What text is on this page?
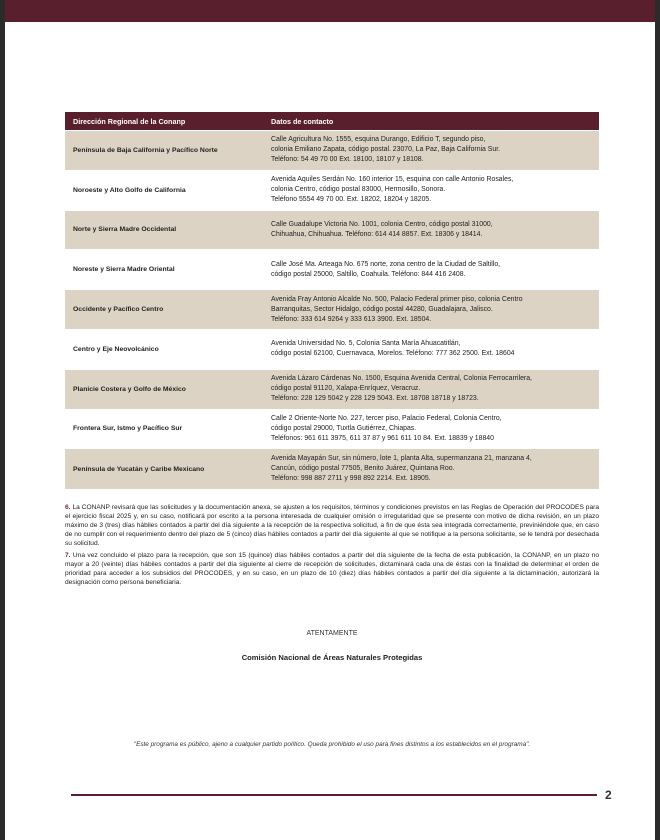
Dirección Regional de la Conanp	Datos de contacto
Península de Baja California y Pacífico Norte	Calle Agricultura No. 1555, esquina Durango, Edificio T, segundo piso,
colonia Emiliano Zapata, código postal. 23070, La Paz, Baja California Sur.
Teléfono: 54 49 70 00 Ext. 18100, 18107 y 18108.

Noroeste y Alto Golfo de California	Avenida Aquiles Serdán No. 160 interior 15, esquina con calle Antonio Rosales,
colonia Centro, código postal 83000, Hermosillo, Sonora.
Teléfono 5554 49 70 00. Ext. 18202, 18204 y 18205.

Norte y Sierra Madre Occidental	Calle Guadalupe Victoria No. 1001, colonia Centro, código postal 31000,
Chihuahua, Chihuahua. Teléfono: 614 414 8857. Ext. 18306 y 18414.

Noreste y Sierra Madre Oriental	Calle José Ma. Arteaga No. 675 norte, zona centro de la Ciudad de Saltillo,
código postal 25000, Saltillo, Coahuila. Teléfono: 844 416 2408.

Occidente y Pacífico Centro	Avenida Fray Antonio Alcalde No. 500, Palacio Federal primer piso, colonia Centro
Barranquitas, Sector Hidalgo, código postal 44280, Guadalajara, Jalisco.
Teléfono: 333 614 9264 y 333 613 3900. Ext. 18504.

Centro y Eje Neovolcánico	Avenida Universidad No. 5, Colonia Santa María Ahuacatitlán,
código postal 62100, Cuernavaca, Morelos. Teléfono: 777 362 2500. Ext. 18604

Planicie Costera y Golfo de México	Avenida Lázaro Cárdenas No. 1500, Esquina Avenida Central, Colonia Ferrocarrilera,
código postal 91120, Xalapa-Enríquez, Veracruz.
Teléfono: 228 129 5042 y 228 129 5043. Ext. 18708 18718 y 18723.

Frontera Sur, Istmo y Pacífico Sur	Calle 2 Oriente-Norte No. 227, tercer piso, Palacio Federal, Colonia Centro,
código postal 29000, Tuxtla Gutiérrez, Chiapas.
Teléfonos: 961 611 3975, 611 37 87 y 961 611 10 84. Ext. 18839 y 18840

Península de Yucatán y Caribe Mexicano	Avenida Mayapán Sur, sin número, lote 1, planta Alta, supermanzana 21, manzana 4,
Cancún, código postal 77505, Benito Juárez, Quintana Roo.
Teléfono: 998 887 2711 y 998 892 2214. Ext. 18905.

6. La CONANP revisará que las solicitudes y la documentación anexa, se ajusten a los requisitos, términos y condiciones previstos en las Reglas de Operación del PROCODES para el ejercicio fiscal 2025 y, en su caso, notificará por escrito a la persona interesada de cualquier omisión o irregularidad que se presente con motivo de dicha revisión, en un plazo máximo de 3 (tres) días hábiles contados a partir del día siguiente a la recepción de la respectiva solicitud, a fin de que ésta sea integrada correctamente, previniéndole que, en caso de no cumplir con el requerimiento dentro del plazo de 5 (cinco) días hábiles contados a partir del día siguiente al que se notifique a la persona solicitante, se le tendrá por desechada su solicitud.

7. Una vez concluido el plazo para la recepción, que son 15 (quince) días hábiles contados a partir del día siguiente de la fecha de esta publicación, la CONANP, en un plazo no mayor a 20 (veinte) días hábiles contados a partir del día siguiente al cierre de recepción de solicitudes, dictaminará cada una de éstas con la finalidad de determinar el orden de prioridad para acceder a los subsidios del PROCODES, y en su caso, en un plazo de 10 (diez) días hábiles contados a partir del día siguiente a la dictaminación, autorizará la designación como persona beneficiaria.

ATENTAMENTE
Comisión Nacional de Áreas Naturales Protegidas
"Este programa es público, ajeno a cualquier partido político. Queda prohibido el uso para fines distintos a los establecidos en el programa".
2
